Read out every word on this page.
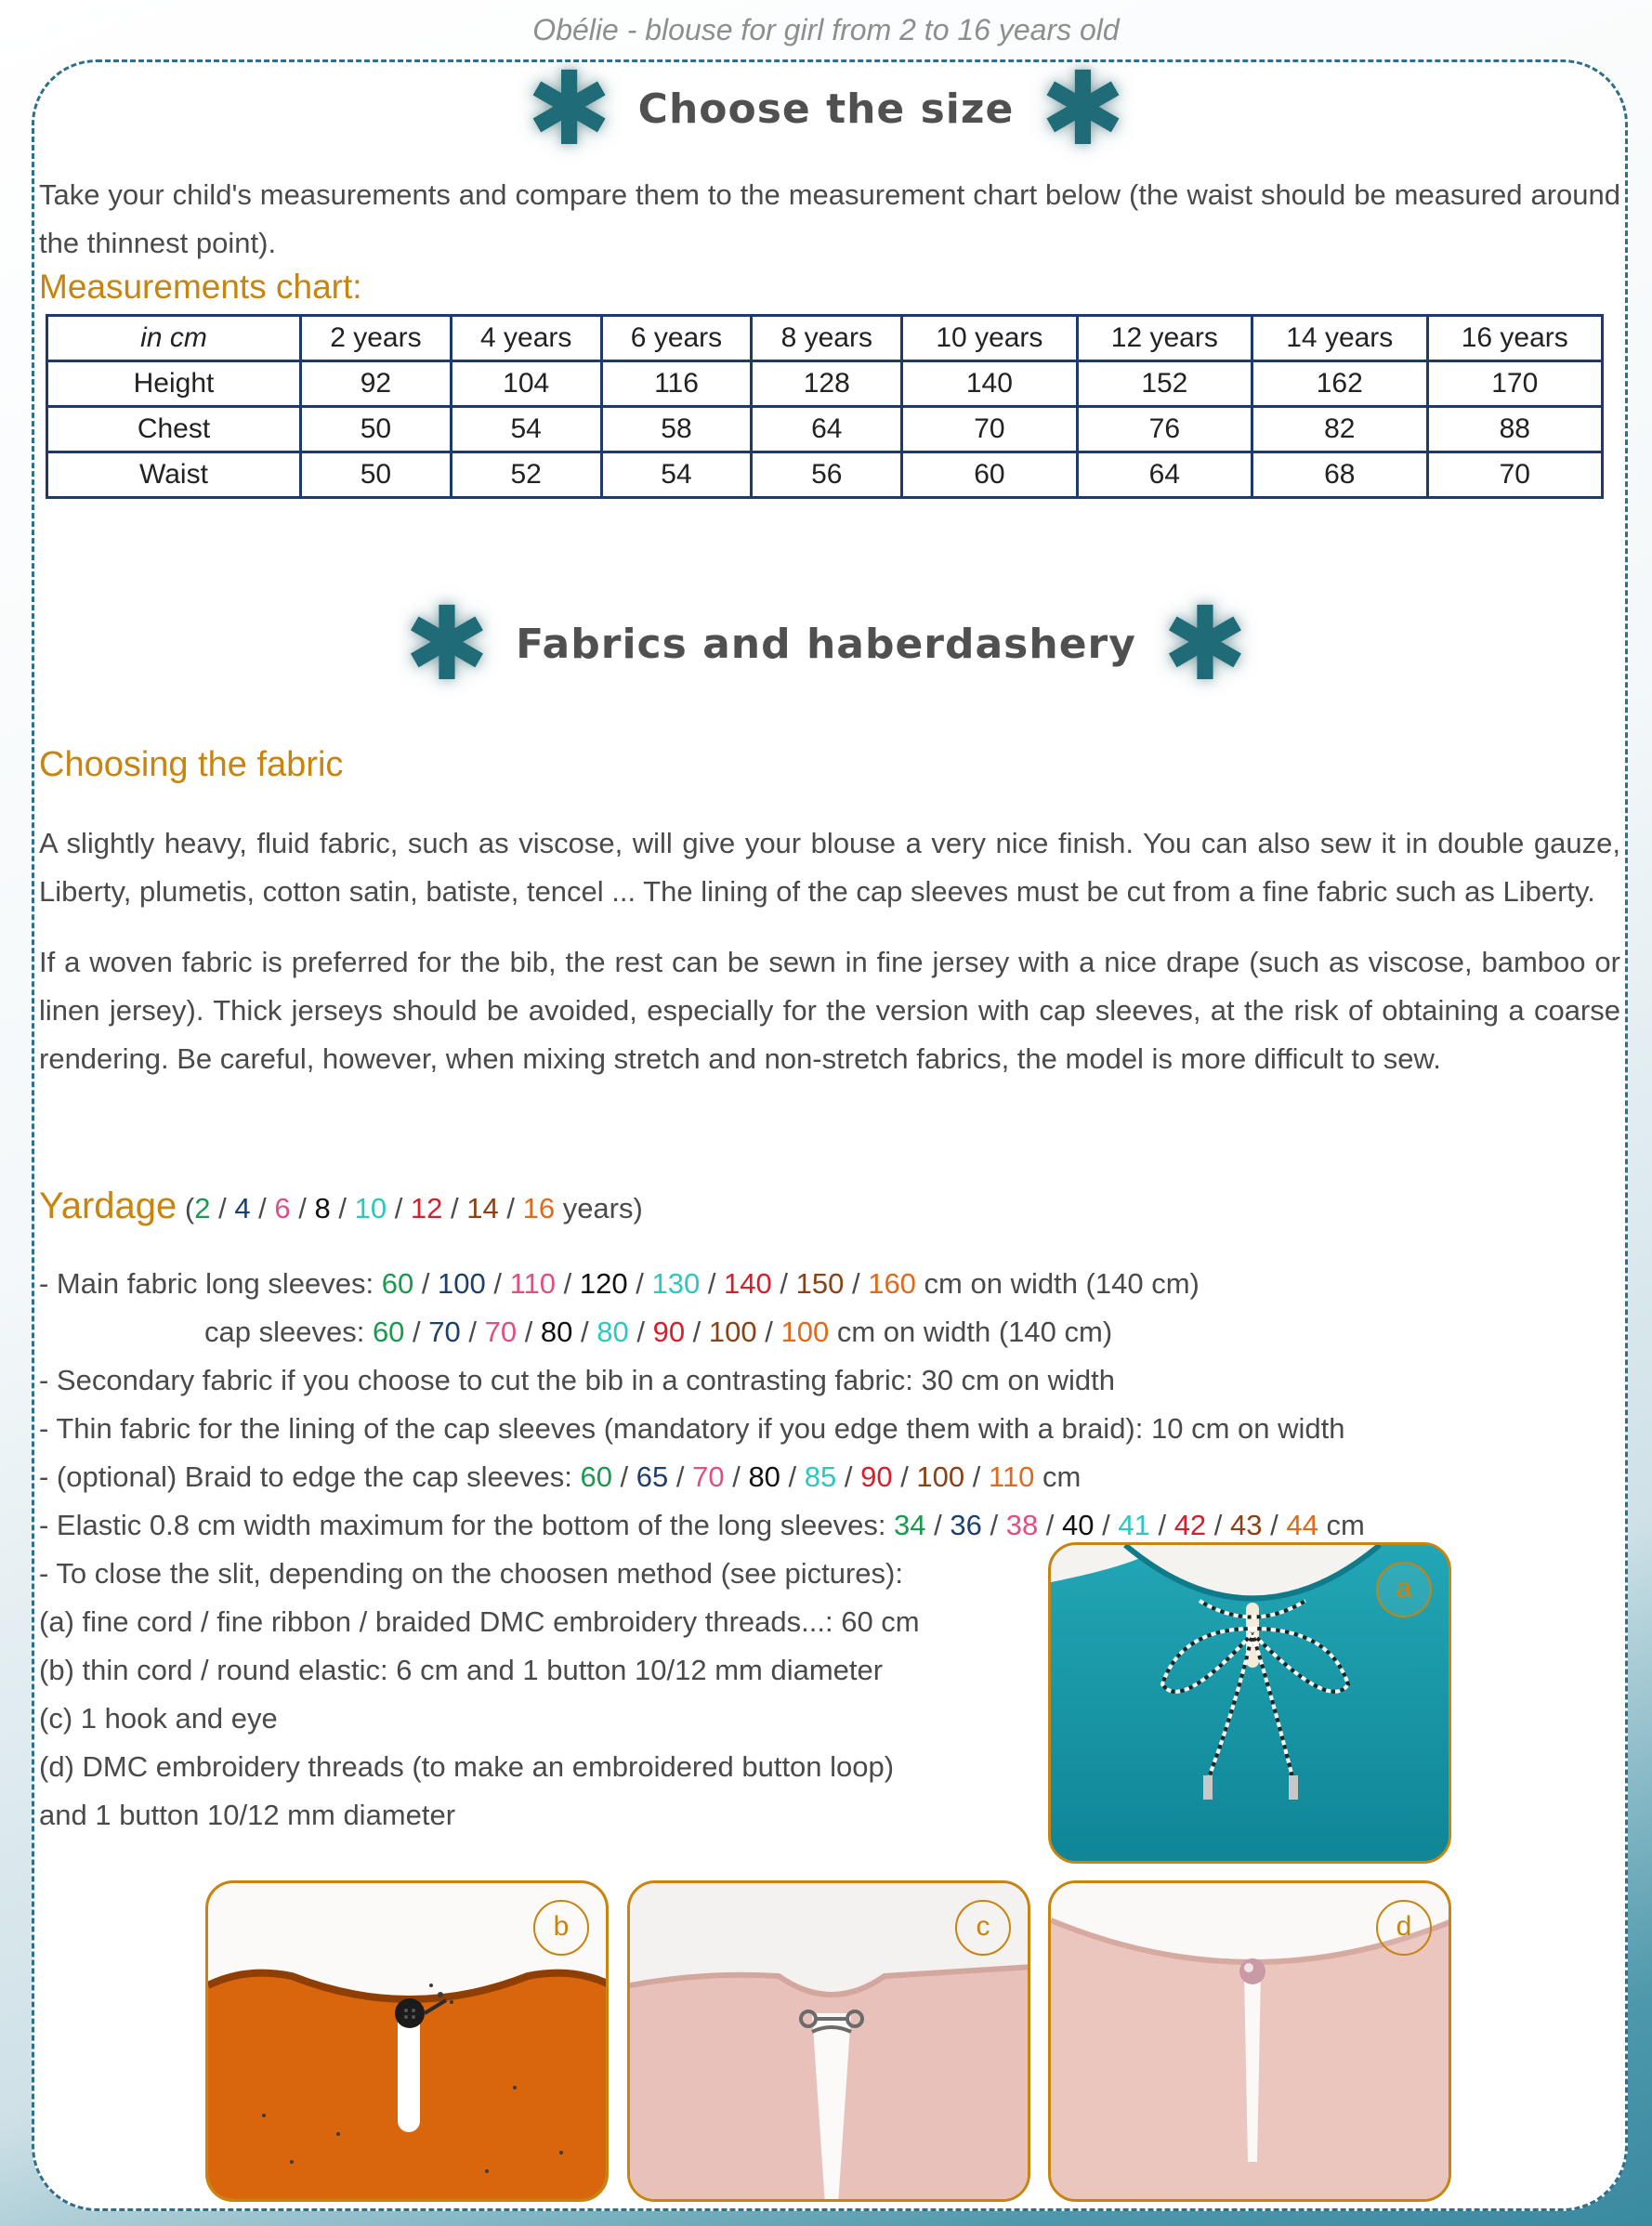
Obélie - blouse for girl from 2 to 16 years old
✱ Choose the size ✱
Take your child's measurements and compare them to the measurement chart below (the waist should be measured around the thinnest point).
Measurements chart:
in cm	2 years	4 years	6 years	8 years	10 years	12 years	14 years	16 years
Height	92	104	116	128	140	152	162	170
Chest	50	54	58	64	70	76	82	88
Waist	50	52	54	56	60	64	68	70
✱ Fabrics and haberdashery ✱
Choosing the fabric
A slightly heavy, fluid fabric, such as viscose, will give your blouse a very nice finish. You can also sew it in double gauze, Liberty, plumetis, cotton satin, batiste, tencel ... The lining of the cap sleeves must be cut from a fine fabric such as Liberty.
If a woven fabric is preferred for the bib, the rest can be sewn in fine jersey with a nice drape (such as viscose, bamboo or linen jersey). Thick jerseys should be avoided, especially for the version with cap sleeves, at the risk of obtaining a coarse rendering. Be careful, however, when mixing stretch and non-stretch fabrics, the model is more difficult to sew.
Yardage (2 / 4 / 6 / 8 / 10 / 12 / 14 / 16 years)
- Main fabric long sleeves: 60 / 100 / 110 / 120 / 130 / 140 / 150 / 160 cm on width (140 cm)
cap sleeves: 60 / 70 / 70 / 80 / 80 / 90 / 100 / 100 cm on width (140 cm)
- Secondary fabric if you choose to cut the bib in a contrasting fabric: 30 cm on width
- Thin fabric for the lining of the cap sleeves (mandatory if you edge them with a braid): 10 cm on width
- (optional) Braid to edge the cap sleeves: 60 / 65 / 70 / 80 / 85 / 90 / 100 / 110 cm
- Elastic 0.8 cm width maximum for the bottom of the long sleeves: 34 / 36 / 38 / 40 / 41 / 42 / 43 / 44 cm
- To close the slit, depending on the choosen method (see pictures):
(a) fine cord / fine ribbon / braided DMC embroidery threads...: 60 cm
(b) thin cord / round elastic: 6 cm and 1 button 10/12 mm diameter
(c) 1 hook and eye
(d) DMC embroidery threads (to make an embroidered button loop)
and 1 button 10/12 mm diameter
a
b	c	d
